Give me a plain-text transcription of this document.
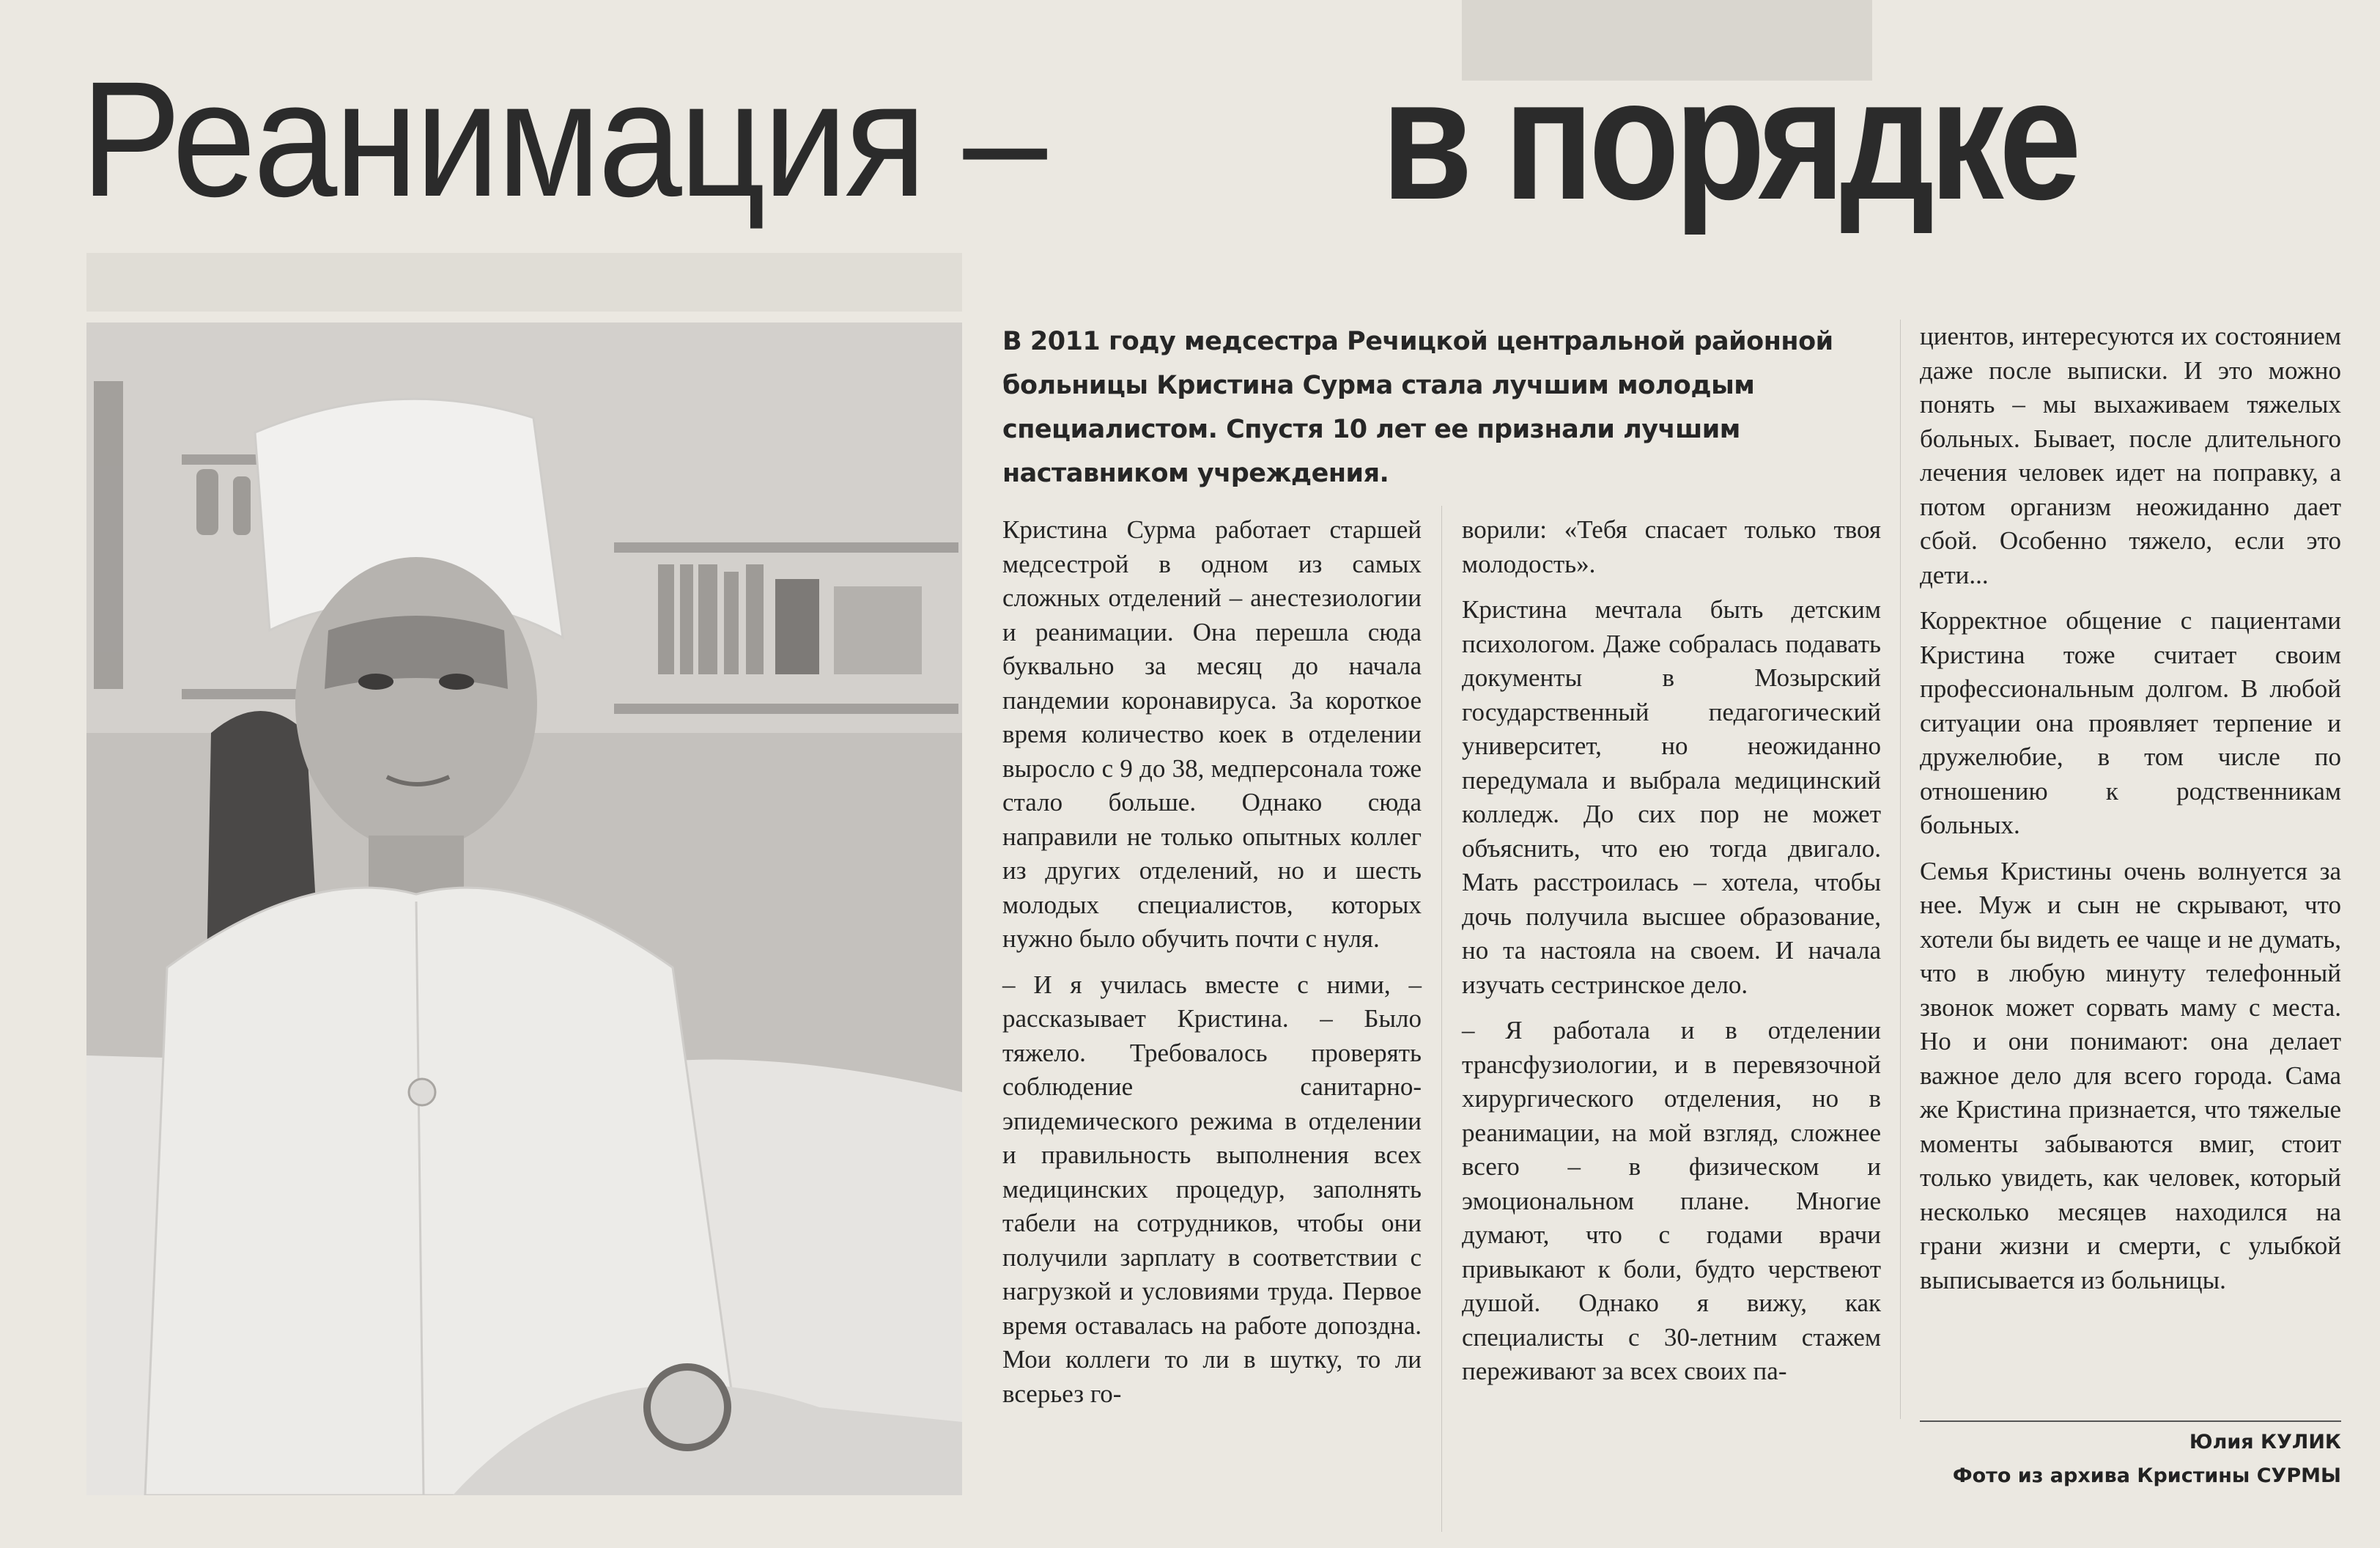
Реанимация – в порядке
В 2011 году медсестра Речицкой центральной районной больницы Кристина Сурма стала лучшим молодым специалистом. Спустя 10 лет ее признали лучшим наставником учреждения.

Кристина Сурма работает старшей медсестрой в одном из самых сложных отделений – анестезиологии и реанимации. Она перешла сюда буквально за месяц до начала пандемии коронавируса. За короткое время количество коек в отделении выросло с 9 до 38, медперсонала тоже стало больше. Однако сюда направили не только опытных коллег из других отделений, но и шесть молодых специалистов, которых нужно было обучить почти с нуля.

– И я училась вместе с ними, – рассказывает Кристина. – Было тяжело. Требовалось проверять соблюдение санитарно-эпидемического режима в отделении и правильность выполнения всех медицинских процедур, заполнять табели на сотрудников, чтобы они получили зарплату в соответствии с нагрузкой и условиями труда. Первое время оставалась на работе допоздна. Мои коллеги то ли в шутку, то ли всерьез го-

ворили: «Тебя спасает только твоя молодость».

Кристина мечтала быть детским психологом. Даже собралась подавать документы в Мозырский государственный педагогический университет, но неожиданно передумала и выбрала медицинский колледж. До сих пор не может объяснить, что ею тогда двигало. Мать расстроилась – хотела, чтобы дочь получила высшее образование, но та настояла на своем. И начала изучать сестринское дело.

– Я работала и в отделении трансфузиологии, и в перевязочной хирургического отделения, но в реанимации, на мой взгляд, сложнее всего – в физическом и эмоциональном плане. Многие думают, что с годами врачи привыкают к боли, будто черствеют душой. Однако я вижу, как специалисты с 30-летним стажем переживают за всех своих па-

циентов, интересуются их состоянием даже после выписки. И это можно понять – мы выхаживаем тяжелых больных. Бывает, после длительного лечения человек идет на поправку, а потом организм неожиданно дает сбой. Особенно тяжело, если это дети...

Корректное общение с пациентами Кристина тоже считает своим профессиональным долгом. В любой ситуации она проявляет терпение и дружелюбие, в том числе по отношению к родственникам больных.

Семья Кристины очень волнуется за нее. Муж и сын не скрывают, что хотели бы видеть ее чаще и не думать, что в любую минуту телефонный звонок может сорвать маму с места. Но и они понимают: она делает важное дело для всего города. Сама же Кристина признается, что тяжелые моменты забываются вмиг, стоит только увидеть, как человек, который несколько месяцев находился на грани жизни и смерти, с улыбкой выписывается из больницы.

Юлия КУЛИК
Фото из архива Кристины СУРМЫ
